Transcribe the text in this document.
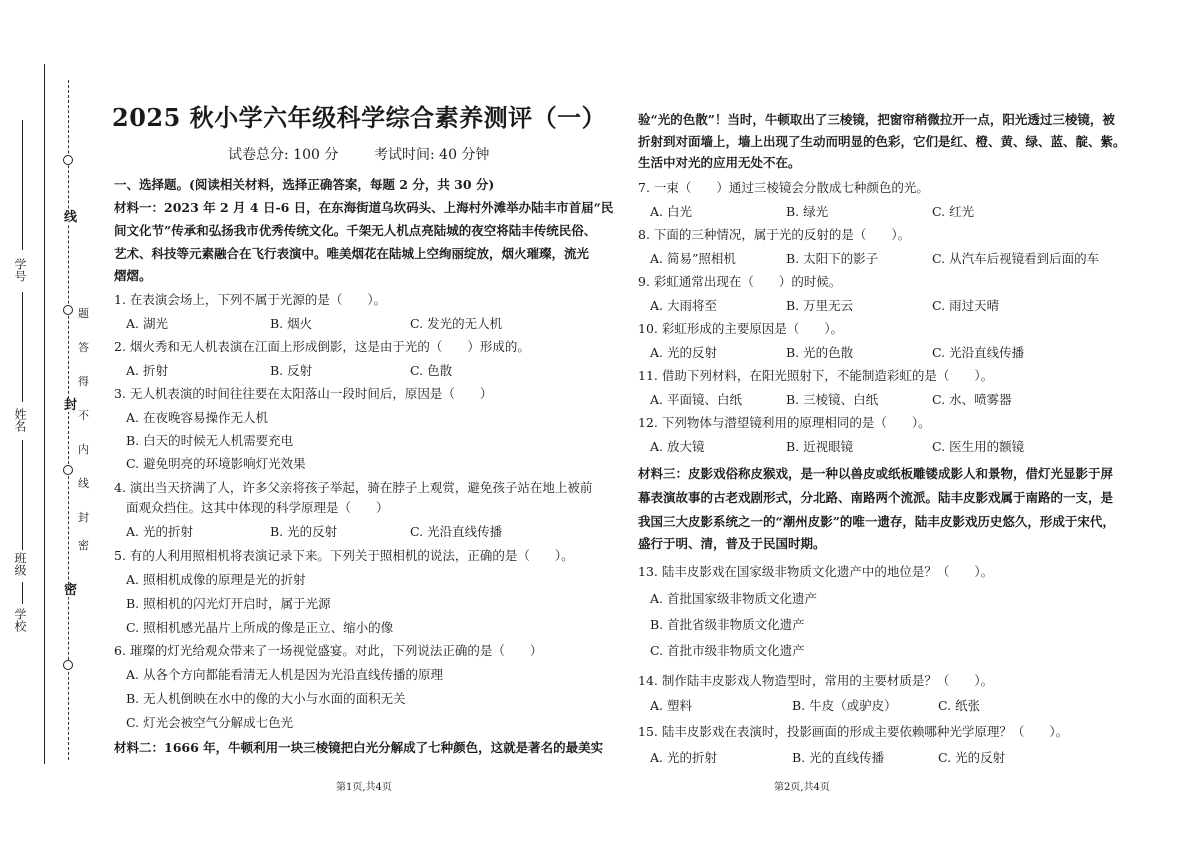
题
答
得
不
内
线
封
密
线
封
密
学号
姓名
班级
学校
2025 秋小学六年级科学综合素养测评（一）
试卷总分: 100 分	考试时间: 40 分钟
一、选择题。(阅读相关材料，选择正确答案，每题 2 分，共 30 分)
材料一：2023 年 2 月 4 日-6 日，在东海街道乌坎码头、上海村外滩举办陆丰市首届“民
间文化节”传承和弘扬我市优秀传统文化。千架无人机点亮陆城的夜空将陆丰传统民俗、
艺术、科技等元素融合在飞行表演中。唯美烟花在陆城上空绚丽绽放，烟火璀璨，流光
熠熠。
1. 在表演会场上，下列不属于光源的是（　　）。
A. 湖光	B. 烟火	C. 发光的无人机
2. 烟火秀和无人机表演在江面上形成倒影，这是由于光的（　　）形成的。
A. 折射	B. 反射	C. 色散
3. 无人机表演的时间往往要在太阳落山一段时间后，原因是（　　）
A. 在夜晚容易操作无人机
B. 白天的时候无人机需要充电
C. 避免明亮的环境影响灯光效果
4. 演出当天挤满了人，许多父亲将孩子举起，骑在脖子上观赏，避免孩子站在地上被前
面观众挡住。这其中体现的科学原理是（　　）
A. 光的折射	B. 光的反射	C. 光沿直线传播
5. 有的人利用照相机将表演记录下来。下列关于照相机的说法，正确的是（　　）。
A. 照相机成像的原理是光的折射
B. 照相机的闪光灯开启时，属于光源
C. 照相机感光晶片上所成的像是正立、缩小的像
6. 璀璨的灯光给观众带来了一场视觉盛宴。对此，下列说法正确的是（　　）
A. 从各个方向都能看清无人机是因为光沿直线传播的原理
B. 无人机倒映在水中的像的大小与水面的面积无关
C. 灯光会被空气分解成七色光
材料二：1666 年，牛顿利用一块三棱镜把白光分解成了七种颜色，这就是著名的最美实
第1页,共4页
验“光的色散”！当时，牛顿取出了三棱镜，把窗帘稍微拉开一点，阳光透过三棱镜，被
折射到对面墙上，墙上出现了生动而明显的色彩，它们是红、橙、黄、绿、蓝、靛、紫。
生活中对光的应用无处不在。
7. 一束（　　）通过三棱镜会分散成七种颜色的光。
A. 白光	B. 绿光	C. 红光
8. 下面的三种情况，属于光的反射的是（　　）。
A. 简易”照相机	B. 太阳下的影子	C. 从汽车后视镜看到后面的车
9. 彩虹通常出现在（　　）的时候。
A. 大雨将至	B. 万里无云	C. 雨过天晴
10. 彩虹形成的主要原因是（　　）。
A. 光的反射	B. 光的色散	C. 光沿直线传播
11. 借助下列材料，在阳光照射下，不能制造彩虹的是（　　）。
A. 平面镜、白纸	B. 三棱镜、白纸	C. 水、喷雾器
12. 下列物体与潜望镜利用的原理相同的是（　　）。
A. 放大镜	B. 近视眼镜	C. 医生用的额镜
材料三：皮影戏俗称皮猴戏，是一种以兽皮或纸板雕镂成影人和景物，借灯光显影于屏
幕表演故事的古老戏剧形式，分北路、南路两个流派。陆丰皮影戏属于南路的一支，是
我国三大皮影系统之一的“潮州皮影”的唯一遗存，陆丰皮影戏历史悠久，形成于宋代，
盛行于明、清，普及于民国时期。
13. 陆丰皮影戏在国家级非物质文化遗产中的地位是？（　　）。
A. 首批国家级非物质文化遗产
B. 首批省级非物质文化遗产
C. 首批市级非物质文化遗产
14. 制作陆丰皮影戏人物造型时，常用的主要材质是？（　　）。
A. 塑料	B. 牛皮（或驴皮）	C. 纸张
15. 陆丰皮影戏在表演时，投影画面的形成主要依赖哪种光学原理？（　　）。
A. 光的折射	B. 光的直线传播	C. 光的反射
第2页,共4页
